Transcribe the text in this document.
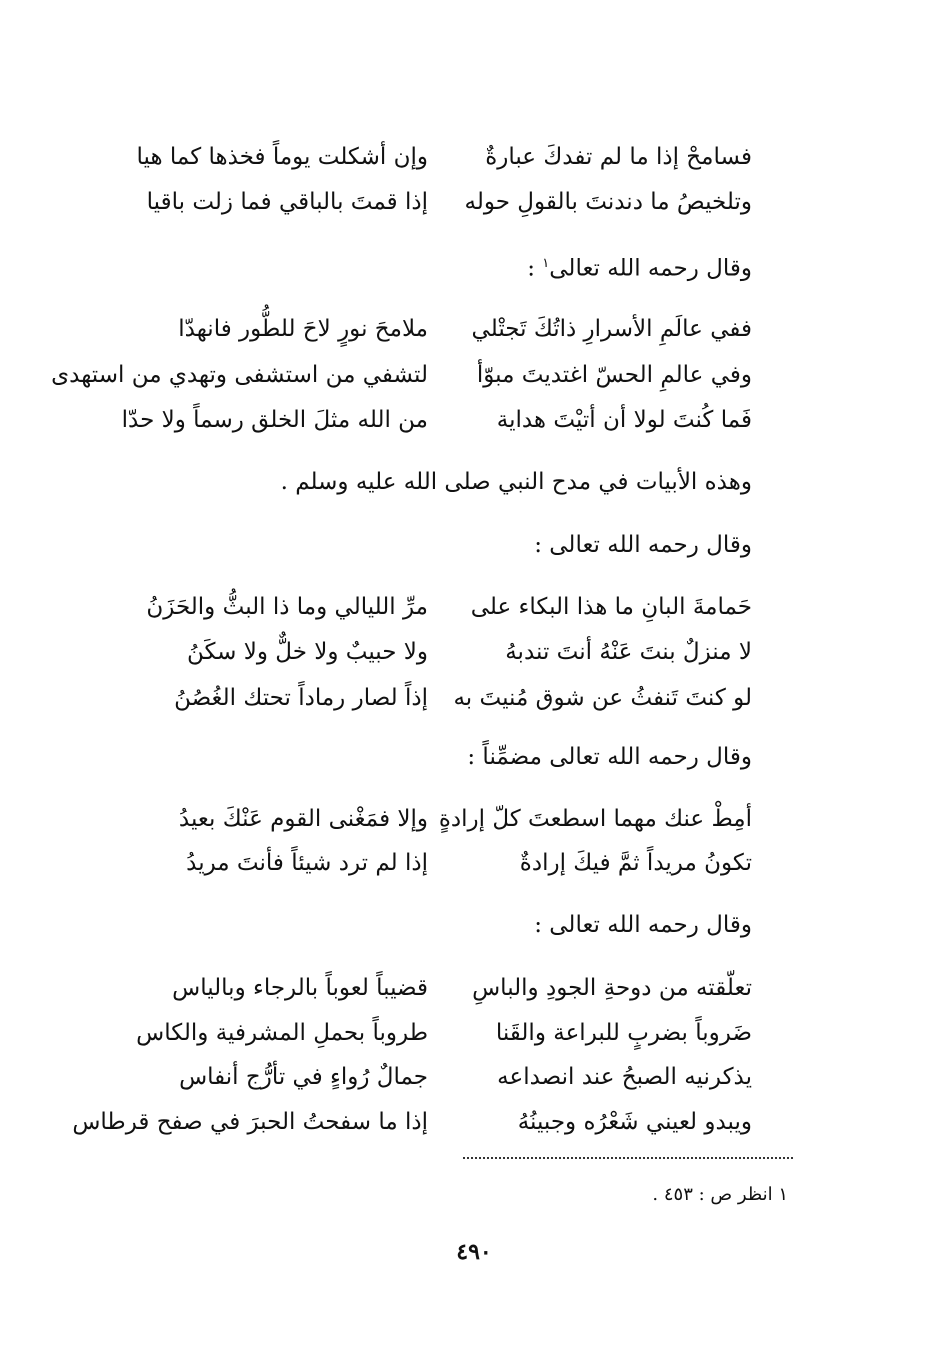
فسامحْ إذا ما لم تفدكَ عبارةٌ
وإن أشكلت يوماً فخذها كما هيا
وتلخيصُ ما دندنتَ بالقولِ حوله
إذا قمتَ بالباقي فما زلت باقيا
وقال رحمه الله تعالى$^١$ :
ففي عالَمِ الأسرارِ ذاتُكَ تَجتْلي
ملامحَ نورٍ لاحَ للطُّور فانهدّا
وفي عالمِ الحسّ اغتديتَ مبوّأ
لتشفي من استشفى وتهدي من استهدى
فَما كُنتَ لولا أن أتيْتَ هداية
من الله مثلَ الخلق رسماً ولا حدّا
وهذه الأبيات في مدح النبي صلى الله عليه وسلم .
وقال رحمه الله تعالى :
حَمامةَ البانِ ما هذا البكاء على
مرِّ الليالي وما ذا البثُّ والحَزَنُ
لا منزلٌ بنتَ عَنْهُ أنتَ تندبهُ
ولا حبيبٌ ولا خلٌّ ولا سكَنُ
لو كنتَ تَنفثُ عن شوق مُنيتَ به
إذاً لصار رماداً تحتك الغُصُنُ
وقال رحمه الله تعالى مضمِّناً :
أمِطْ عنك مهما اسطعتَ كلّ إرادةٍ
وإلا فمَغْنى القوم عَنْكَ بعيدُ
تكونُ مريداً ثمَّ فيكَ إرادةٌ
إذا لم ترد شيئاً فأنتَ مريدُ
وقال رحمه الله تعالى :
تعلّقته من دوحةِ الجودِ والباسِ
قضيباً لعوباً بالرجاء وبالياس
ضَروباً بضربٍ للبراعة والقَنا
طروباً بحملِ المشرفية والكاس
يذكرنيه الصبحُ عند انصداعه
جمالٌ رُواءٍ في تأرُّج أنفاس
ويبدو لعيني شَعْرُه وجبينُهُ
إذا ما سفحتُ الحبرَ في صفح قرطاس
١ انظر ص : ٤٥٣ .
٤٩٠
